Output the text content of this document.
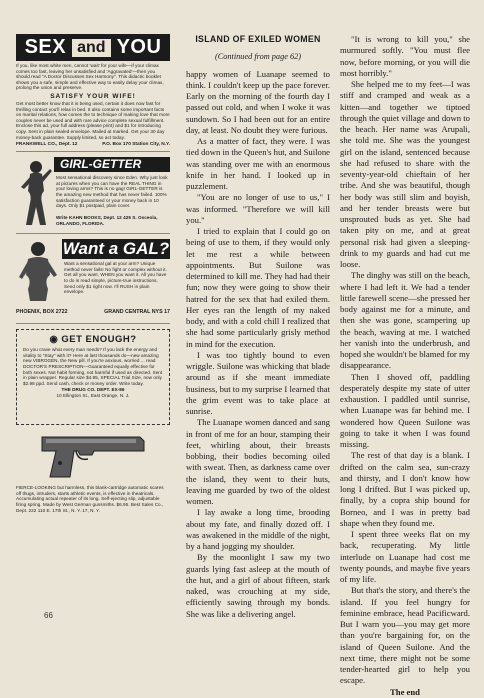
SEX and YOU
If you, like most white men, cannot 'wait' for your wife—if your climax comes too fast, leaving her unsatisfied and 'Aggravated'—then you should read "A Doctor Discusses Sex Harmony". This didactic booklet shows you a safe, simple and effective way to easily delay your climax, prolong the union and preserve.
SATISFY YOUR WIFE!
Get most better know that it is being used, certain it does now fast for thrilling contact you'll relax in bed. It also contains some important facts on marital relations, how comes the to technique of making love that more couples never be used and with rare advice complete sexual fulfillment. Enclose this ad, your full address (please print) and $1 for introducing copy. Sent in plain sealed envelope. Mailed at marked. Get your 30 day money-back guarantee. Supply limited, so act today.
FRANKWELL CO., Dept. 12	P.O. Box 170 Station City, N.Y.
GIRL-GETTER
Most sensational discovery since Eden. Why just look at pictures when you can have the REAL THING in your loving arms? This is no gag! GIRL-GETTER is the amazing new method that has never failed. 100% satisfaction guaranteed or your money back in 10 days. Only $1 postpaid, plain cover.
Write KAHN BOOKS, Dept. 12 425 S. Osceola, ORLANDO, FLORIDA.
Want a GAL?
Want a sensational gal at your arm? Unique method never fails! No fight or complex without it. Get all you want, WHEN you want it. All you have to do is read simple, picture-true instructions. Send only $1 right now. I'll RUSH in plain envelope.
PHOENIX, BOX 2722	GRAND CENTRAL NYS 17
◉ GET ENOUGH?
Do you crave what every man needs? If you lack the energy and vitality to "Stay" with it? Here at last thousands do—new amazing new VIBROGEN, the New pill. If you're anxious, worried ... read DOCTOR'S PRESCRIPTION—Guaranteed equally effective for both sexes. Not habit forming, not harmful if used as directed. Sent in plain wrapper. Regular size $4.95, SPECIAL Trial Size, now only $2.98 ppd. Send cash, check or money order. Write today.
THE DRUG CO. DEPT. EX-86
10 Ellington St., East Orange, N. J.
FIERCE-LOOKING but harmless, this blank-cartridge automatic scares off thugs, intruders, starts athletic events, is effective in theatricals. Accumulating actual repeater of its long. Self-ejecting slip, adjustable firing spring. Made by West German gunsmiths. $6.95. Best Sales Co., Dept. 222 110 E. 17th St., N. Y. 17, N. Y.
66
ISLAND OF EXILED WOMEN
(Continued from page 62)

happy women of Luanape seemed to think. I couldn't keep up the pace forever. Early on the morning of the fourth day I passed out cold, and when I woke it was sundown. So I had been out for an entire day, at least. No doubt they were furious.

As a matter of fact, they were. I was tied down in the Queen's hut, and Suilone was standing over me with an enormous knife in her hand. I looked up in puzzlement.

"You are no longer of use to us," I was informed. "Therefore we will kill you."

I tried to explain that I could go on being of use to them, if they would only let me rest a while between appointments. But Suilone was determined to kill me. They had had their fun; now they were going to show their hatred for the sex that had exiled them. Her eyes ran the length of my naked body, and with a cold chill I realized that she had some particularly grisly method in mind for the execution.

I was too tightly bound to even wriggle. Suilone was whicking that blade around as if she meant immediate business, but to my surprise I learned that the grim event was to take place at sunrise.

The Luanape women danced and sang in front of me for an hour, stamping their feet, whirling about, their breasts bobbing, their bodies becoming oiled with sweat. Then, as darkness came over the island, they went to their huts, leaving me guarded by two of the oldest women.

I lay awake a long time, brooding about my fate, and finally dozed off. I was awakened in the middle of the night, by a hand jogging my shoulder.

By the moonlight I saw my two guards lying fast asleep at the mouth of the hut, and a girl of about fifteen, stark naked, was crouching at my side, efficiently sawing through my bonds. She was like a delivering angel.

"It is wrong to kill you," she murmured softly. "You must flee now, before morning, or you will die most horribly."

She helped me to my feet—I was stiff and cramped and weak as a kitten—and together we tiptoed through the quiet village and down to the beach. Her name was Arupali, she told me. She was the youngest girl on the island, sentenced because she had refused to share with the seventy-year-old chieftain of her tribe. And she was beautiful, though her body was still slim and boyish, and her tender breasts were but unsprouted buds as yet. She had taken pity on me, and at great personal risk had given a sleeping-drink to my guards and had cut me loose.

The dinghy was still on the beach, where I had left it. We had a tender little farewell scene—she pressed her body against me for a minute, and then she was gone, scampering up the beach, waving at me. I watched her vanish into the underbrush, and hoped she wouldn't be blamed for my disappearance.

Then I shoved off, paddling desperately despite my state of utter exhaustion. I paddled until sunrise, when Luanape was far behind me. I wondered how Queen Suilone was going to take it when I was found missing.

The rest of that day is a blank. I drifted on the calm sea, sun-crazy and thirsty, and I don't know how long I drifted. But I was picked up, finally, by a copra ship bound for Borneo, and I was in pretty bad shape when they found me.

I spent three weeks flat on my back, recuperating. My little interlude on Luanape had cost me twenty pounds, and maybe five years of my life.

But that's the story, and there's the island. If you feel hungry for feminine embrace, head Pacificward. But I warn you—you may get more than you're bargaining for, on the island of Queen Suilone. And the next time, there might not be some tender-hearted girl to help you escape.

The end
